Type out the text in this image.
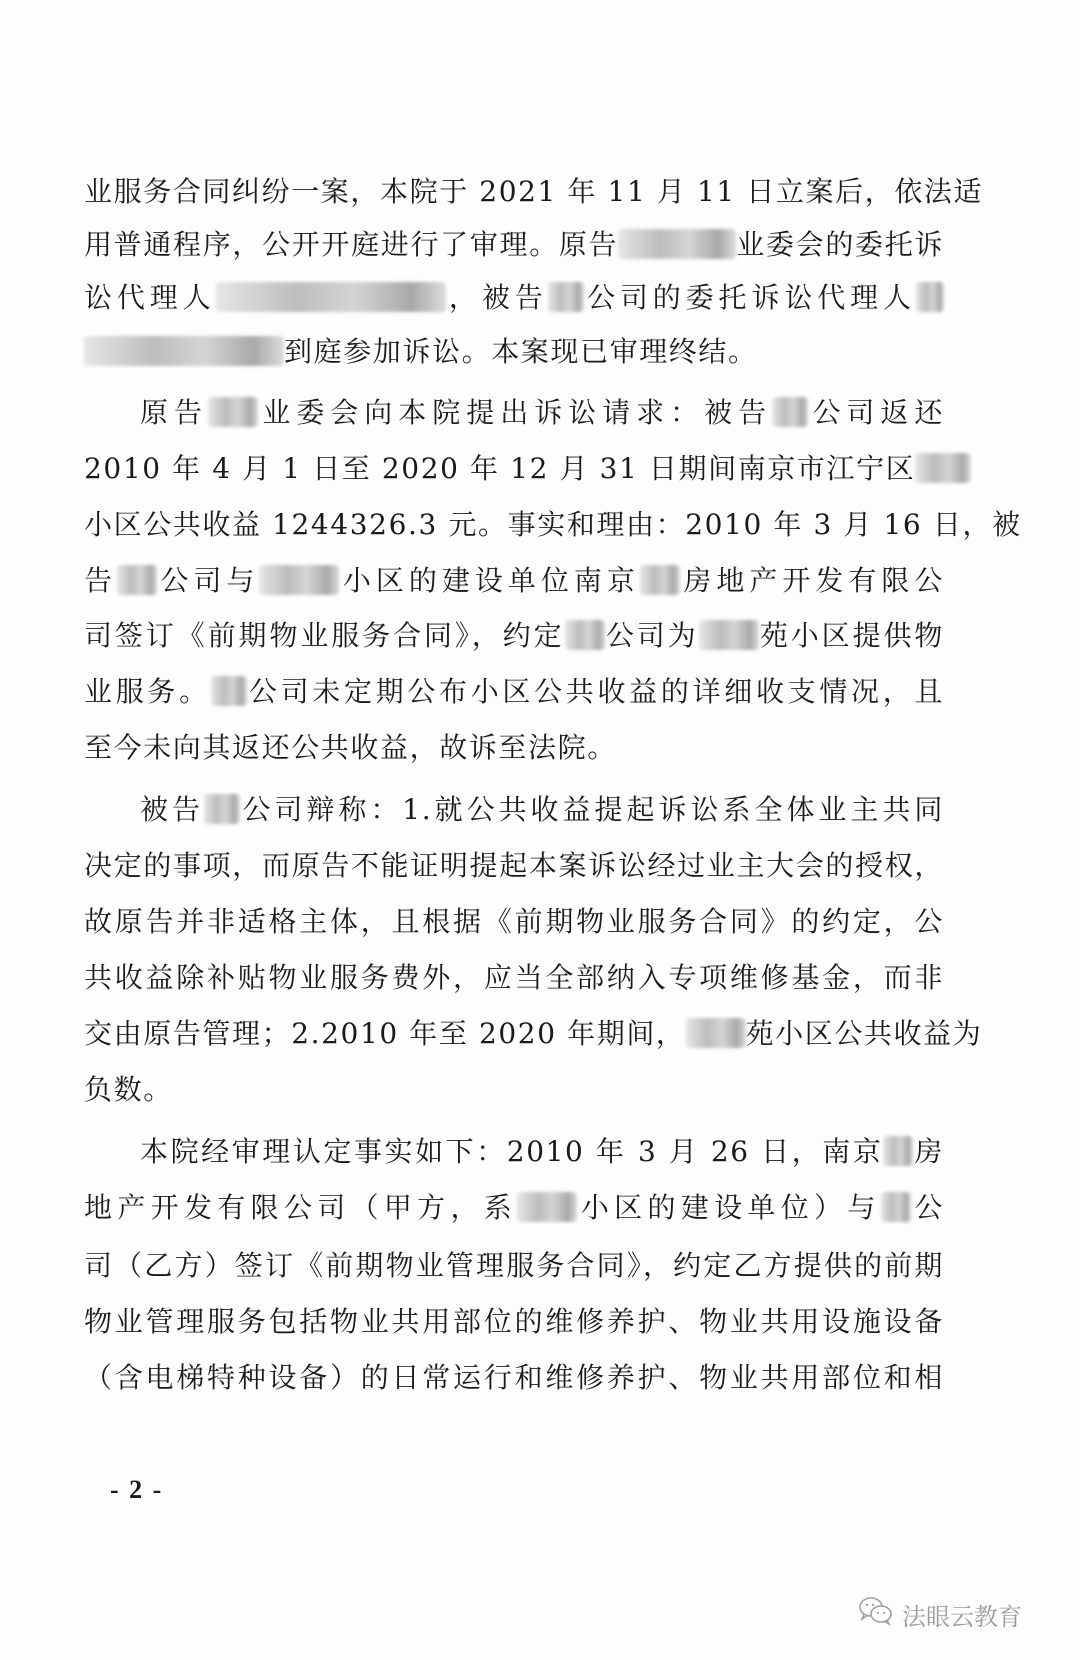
业服务合同纠纷一案，本院于 2021 年 11 月 11 日立案后，依法适
用普通程序，公开开庭进行了审理。原告	业委会的委托诉
讼代理人	，被告 公司的委托诉讼代理人
到庭参加诉讼。本案现已审理终结。
原告 业委会向本院提出诉讼请求：被告 公司返还
2010 年 4 月 1 日至 2020 年 12 月 31 日期间南京市江宁区
小区公共收益 1244326.3 元。事实和理由：2010 年 3 月 16 日，被
告 公司与	小区的建设单位南京 房地产开发有限公
司签订《前期物业服务合同》，约定 公司为 苑小区提供物
业服务。 公司未定期公布小区公共收益的详细收支情况，且
至今未向其返还公共收益，故诉至法院。
被告 公司辩称：1.就公共收益提起诉讼系全体业主共同
决定的事项，而原告不能证明提起本案诉讼经过业主大会的授权，
故原告并非适格主体，且根据《前期物业服务合同》的约定，公
共收益除补贴物业服务费外，应当全部纳入专项维修基金，而非
交由原告管理；2.2010 年至 2020 年期间， 苑小区公共收益为
负数。
本院经审理认定事实如下：2010 年 3 月 26 日，南京 房
地产开发有限公司（甲方，系 小区的建设单位）与 公
司（乙方）签订《前期物业管理服务合同》，约定乙方提供的前期
物业管理服务包括物业共用部位的维修养护、物业共用设施设备
（含电梯特种设备）的日常运行和维修养护、物业共用部位和相
- 2 -
法眼云教育
